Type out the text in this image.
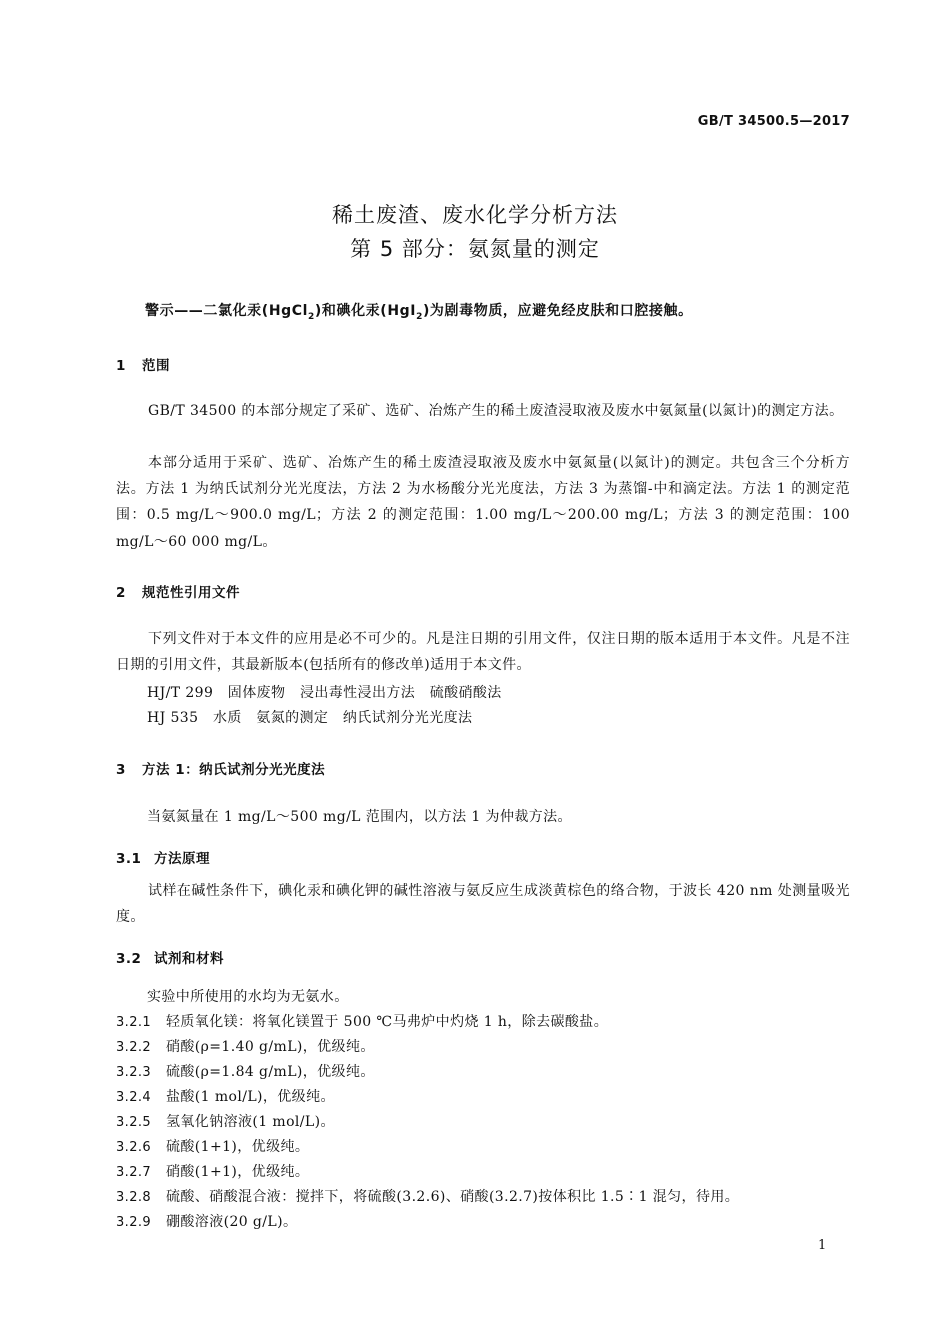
GB/T 34500.5—2017
稀土废渣、废水化学分析方法
第 5 部分：氨氮量的测定
警示——二氯化汞(HgCl$_2$)和碘化汞(HgI$_2$)为剧毒物质，应避免经皮肤和口腔接触。
1 范围
GB/T 34500 的本部分规定了采矿、选矿、冶炼产生的稀土废渣浸取液及废水中氨氮量(以氮计)的测定方法。
本部分适用于采矿、选矿、冶炼产生的稀土废渣浸取液及废水中氨氮量(以氮计)的测定。共包含三个分析方法。方法 1 为纳氏试剂分光光度法，方法 2 为水杨酸分光光度法，方法 3 为蒸馏-中和滴定法。方法 1 的测定范围：0.5 mg/L～900.0 mg/L；方法 2 的测定范围：1.00 mg/L～200.00 mg/L；方法 3 的测定范围：100 mg/L～60 000 mg/L。
2 规范性引用文件
下列文件对于本文件的应用是必不可少的。凡是注日期的引用文件，仅注日期的版本适用于本文件。凡是不注日期的引用文件，其最新版本(包括所有的修改单)适用于本文件。
HJ/T 299   固体废物   浸出毒性浸出方法   硫酸硝酸法
HJ 535   水质   氨氮的测定   纳氏试剂分光光度法
3 方法 1：纳氏试剂分光光度法
当氨氮量在 1 mg/L～500 mg/L 范围内，以方法 1 为仲裁方法。
3.1 方法原理
试样在碱性条件下，碘化汞和碘化钾的碱性溶液与氨反应生成淡黄棕色的络合物，于波长 420 nm 处测量吸光度。
3.2 试剂和材料
实验中所使用的水均为无氨水。
3.2.1 轻质氧化镁：将氧化镁置于 500 ℃马弗炉中灼烧 1 h，除去碳酸盐。
3.2.2 硝酸(ρ=1.40 g/mL)，优级纯。
3.2.3 硫酸(ρ=1.84 g/mL)，优级纯。
3.2.4 盐酸(1 mol/L)，优级纯。
3.2.5 氢氧化钠溶液(1 mol/L)。
3.2.6 硫酸(1+1)，优级纯。
3.2.7 硝酸(1+1)，优级纯。
3.2.8 硫酸、硝酸混合液：搅拌下，将硫酸(3.2.6)、硝酸(3.2.7)按体积比 1.5∶1 混匀，待用。
3.2.9 硼酸溶液(20 g/L)。
1
